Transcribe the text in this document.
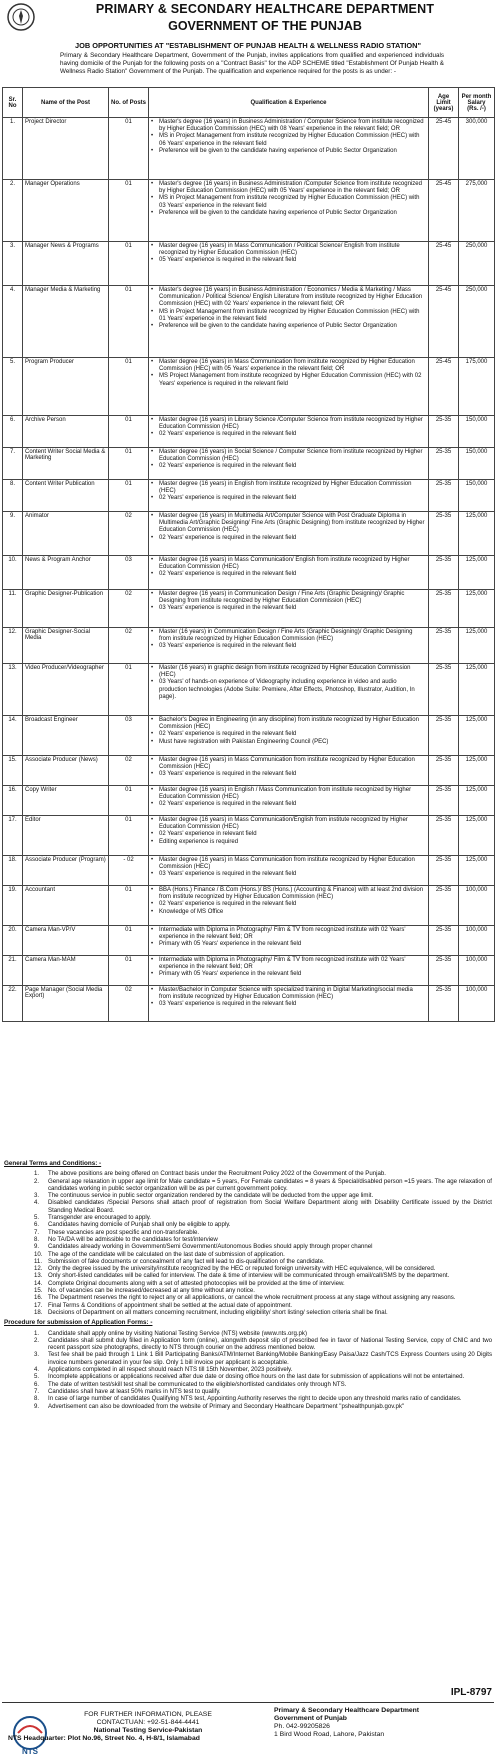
PRIMARY & SECONDARY HEALTHCARE DEPARTMENT
GOVERNMENT OF THE PUNJAB
JOB OPPORTUNITIES AT "ESTABLISHMENT OF PUNJAB HEALTH & WELLNESS RADIO STATION"
Primary & Secondary Healthcare Department, Government of the Punjab, invites applications from qualified and experienced individuals having domicile of the Punjab for the following posts on a "Contract Basis" for the ADP SCHEME titled "Establishment Of Punjab Health & Wellness Radio Station" Government of the Punjab. The qualification and experience required for the posts is as under: -
Sr. No	Name of the Post	No. of Posts	Qualification & Experience	Age Limit (years)	Per month Salary (Rs. /-)
1.	Project Director	01	• Master's degree (16 years) in Business Administration / Computer Science from institute recognized by Higher Education Commission (HEC) with 08 Years' experience in the relevant field; OR
• MS in Project Management from institute recognized by Higher Education Commission (HEC) with 06 Years' experience in the relevant field
• Preference will be given to the candidate having experience of Public Sector Organization	25-45	300,000
2.	Manager Operations	01	• Master's degree (16 years) in Business Administration /Computer Science from institute recognized by Higher Education Commission (HEC) with 05 Years' experience in the relevant field; OR
• MS in Project Management from institute recognized by Higher Education Commission (HEC) with 03 Years' experience in the relevant field
• Preference will be given to the candidate having experience of Public Sector Organization	25-45	275,000
3.	Manager News & Programs	01	• Master degree (16 years) in Mass Communication / Political Science/ English from institute recognized by Higher Education Commission (HEC)
• 05 Years' experience is required in the relevant field	25-45	250,000
4.	Manager Media & Marketing	01	• Master's degree (16 years) in Business Administration / Economics / Media & Marketing / Mass Communication / Political Science/ English Literature from institute recognized by Higher Education Commission (HEC) with 02 Years' experience in the relevant field; OR
• MS in Project Management from institute recognized by Higher Education Commission (HEC) with 01 Years' experience in the relevant field
• Preference will be given to the candidate having experience of Public Sector Organization	25-45	250,000
5.	Program Producer	01	• Master degree (16 years) in Mass Communication from institute recognized by Higher Education Commission (HEC) with 05 Years' experience in the relevant field; OR
• MS Project Management from institute recognized by Higher Education Commission (HEC) with 02 Years' experience is required in the relevant field	25-45	175,000
6.	Archive Person	01	• Master degree (16 years) in Library Science /Computer Science from institute recognized by Higher Education Commission (HEC)
• 02 Years' experience is required in the relevant field	25-35	150,000
7.	Content Writer Social Media & Marketing	01	• Master degree (16 years) in Social Science / Computer Science from institute recognized by Higher Education Commission (HEC)
• 02 Years' experience is required in the relevant field	25-35	150,000
8.	Content Writer Publication	01	• Master degree (16 years) in English from institute recognized by Higher Education Commission (HEC)
• 02 Years' experience is required in the relevant field	25-35	150,000
9.	Animator	02	• Master degree (16 years) in Multimedia Art/Computer Science with Post Graduate Diploma in Multimedia Art/Graphic Designing/ Fine Arts (Graphic Designing) from institute recognized by Higher Education Commission (HEC)
• 02 Years' experience is required in the relevant field	25-35	125,000
10.	News & Program Anchor	03	• Master degree (16 years) in Mass Communication/ English from institute recognized by Higher Education Commission (HEC)
• 02 Years' experience is required in the relevant field	25-35	125,000
11.	Graphic Designer-Publication	02	• Master degree (16 years) in Communication Design / Fine Arts (Graphic Designing)/ Graphic Designing from institute recognized by Higher Education Commission (HEC)
• 03 Years' experience is required in the relevant field	25-35	125,000
12.	Graphic Designer-Social Media	02	• Master (16 years) in Communication Design / Fine Arts (Graphic Designing)/ Graphic Designing from institute recognized by Higher Education Commission (HEC)
• 03 Years' experience is required in the relevant field	25-35	125,000
13.	Video Producer/Videographer	01	• Master (16 years) in graphic design from institute recognized by Higher Education Commission (HEC)
• 03 Years' of hands-on experience of Videography including experience in video and audio production technologies (Adobe Suite: Premiere, After Effects, Photoshop, Illustrator, Audition, In page).	25-35	125,000
14.	Broadcast Engineer	03	• Bachelor's Degree in Engineering (in any discipline) from institute recognized by Higher Education Commission (HEC)
• 02 Years' experience is required in the relevant field
• Must have registration with Pakistan Engineering Council (PEC)	25-35	125,000
15.	Associate Producer (News)	02	• Master degree (16 years) in Mass Communication from institute recognized by Higher Education Commission (HEC)
• 03 Years' experience is required in the relevant field	25-35	125,000
16.	Copy Writer	01	• Master degree (16 years) in English / Mass Communication from institute recognized by Higher Education Commission (HEC)
• 02 Years' experience is required in the relevant field	25-35	125,000
17.	Editor	01	• Master degree (16 years) in Mass Communication/English from institute recognized by Higher Education Commission (HEC)
• 02 Years' experience in relevant field
• Editing experience is required	25-35	125,000
18.	Associate Producer (Program)	- 02	• Master degree (16 years) in Mass Communication from institute recognized by Higher Education Commission (HEC)
• 03 Years' experience is required in the relevant field	25-35	125,000
19.	Accountant	01	• BBA (Hons.) Finance / B.Com (Hons.)/ BS (Hons.) (Accounting & Finance) with at least 2nd division from institute recognized by Higher Education Commission (HEC)
• 02 Years' experience is required in the relevant field
• Knowledge of MS Office	25-35	100,000
20.	Camera Man-VP/V	01	• Intermediate with Diploma in Photography/ Film & TV from recognized institute with 02 Years' experience in the relevant field; OR
• Primary with 05 Years' experience in the relevant field	25-35	100,000
21.	Camera Man-MAM	01	• Intermediate with Diploma in Photography/ Film & TV from recognized institute with 02 Years' experience in the relevant field; OR
• Primary with 05 Years' experience in the relevant field	25-35	100,000
22.	Page Manager (Social Media Export)	02	• Master/Bachelor in Computer Science with specialized training in Digital Marketing/social media from institute recognized by Higher Education Commission (HEC)
• 03 Years' experience is required in the relevant field	25-35	100,000
General Terms and Conditions: -
1. The above positions are being offered on Contract basis under the Recruitment Policy 2022 of the Government of the Punjab.
2. General age relaxation in upper age limit for Male candidate = 5 years, For Female candidates = 8 years & Special/disabled person =15 years. The age relaxation of candidates working in public sector organization will be as per current government policy.
3. The continuous service in public sector organization rendered by the candidate will be deducted from the upper age limit.
4. Disabled candidates /Special Persons shall attach proof of registration from Social Welfare Department along with Disability Certificate issued by the District Standing Medical Board.
5. Transgender are encouraged to apply.
6. Candidates having domicile of Punjab shall only be eligible to apply.
7. These vacancies are post specific and non-transferable.
8. No TA/DA will be admissible to the candidates for test/interview
9. Candidates already working in Government/Semi Government/Autonomous Bodies should apply through proper channel
10. The age of the candidate will be calculated on the last date of submission of application.
11. Submission of fake documents or concealment of any fact will lead to dis-qualification of the candidate.
12. Only the degree issued by the university/institute recognized by the HEC or reputed foreign university with HEC equivalence, will be considered.
13. Only short-listed candidates will be called for interview. The date & time of interview will be communicated through email/call/SMS by the department.
14. Complete Original documents along with a set of attested photocopies will be provided at the time of interview.
15. No. of vacancies can be increased/decreased at any time without any notice.
16. The Department reserves the right to reject any or all applications, or cancel the whole recruitment process at any stage without assigning any reasons.
17. Final Terms & Conditions of appointment shall be settled at the actual date of appointment.
18. Decisions of Department on all matters concerning recruitment, including eligibility/ short listing/ selection criteria shall be final.
Procedure for submission of Application Forms: -
1. Candidate shall apply online by visiting National Testing Service (NTS) website (www.nts.org.pk)
2. Candidates shall submit duly filled in Application form (online), alongwith deposit slip of prescribed fee in favor of National Testing Service, copy of CNIC and two recent passport size photographs, directly to NTS through courier on the address mentioned below.
3. Test fee shall be paid through 1 Link 1 Bill Participating Banks/ATM/Internet Banking/Mobile Banking/Easy Paisa/Jazz Cash/TCS Express Counters using 20 Digits invoice numbers generated in your fee slip. Only 1 bill invoice per applicant is acceptable.
4. Applications completed in all respect should reach NTS till 15th November, 2023 positively.
5. Incomplete applications or applications received after due date or dosing office hours on the last date for submission of applications will not be entertained.
6. The date of written test/skill test shall be communicated to the eligible/shortlisted candidates only through NTS.
7. Candidates shall have at least 50% marks in NTS test to qualify.
8. In case of large number of candidates Qualifying NTS test, Appointing Authority reserves the right to decide upon any threshold marks ratio of candidates.
9. Advertisement can also be downloaded from the website of Primary and Secondary Healthcare Department "pshealthpunjab.gov.pk"
IPL-8797
NTS
FOR FURTHER INFORMATION, PLEASE
CONTACTUAN: +92-51-844-4441
National Testing Service-Pakistan
NTS Headquarter: Plot No.96, Street No. 4, H-8/1, Islamabad
Primary & Secondary Healthcare Department
Government of Punjab
Ph. 042-99205826
1 Bird Wood Road, Lahore, Pakistan
